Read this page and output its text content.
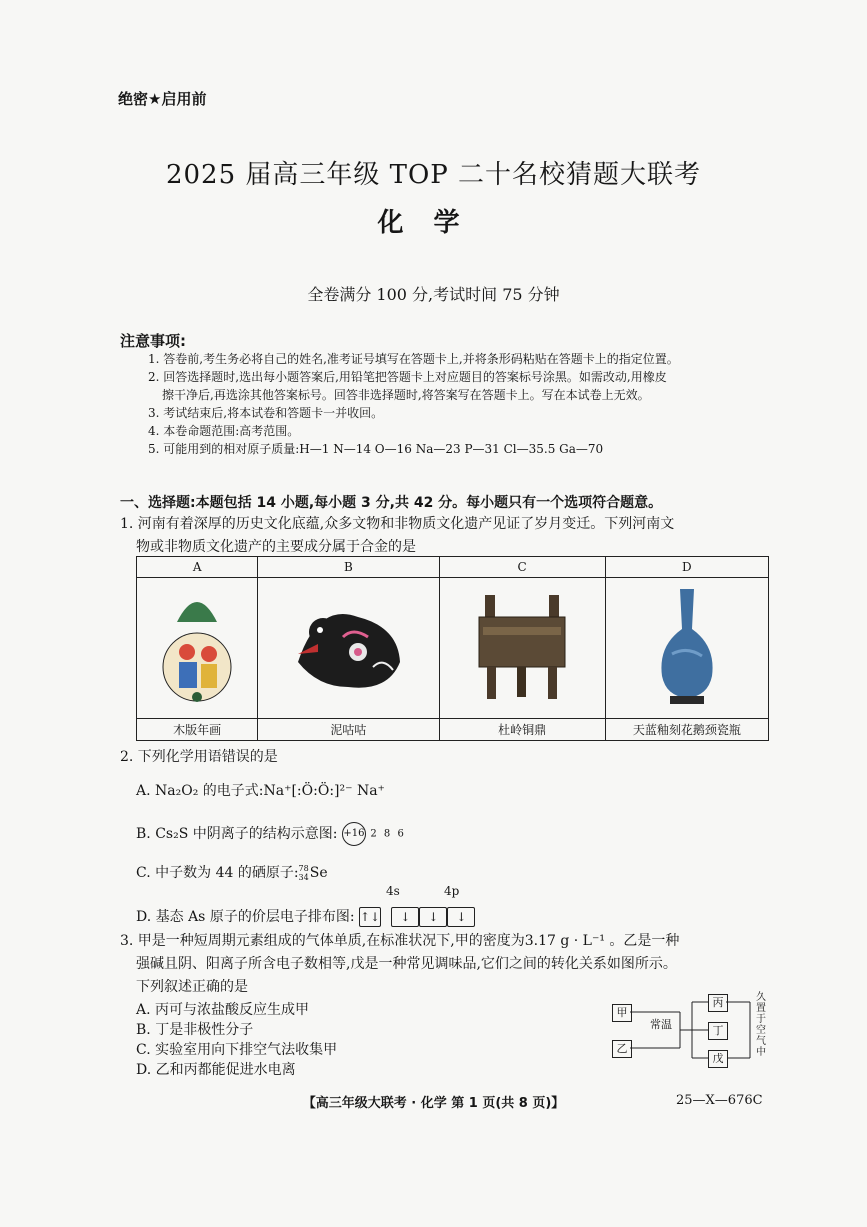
绝密★启用前
2025 届高三年级 TOP 二十名校猜题大联考
化学
全卷满分 100 分,考试时间 75 分钟
注意事项:
1. 答卷前,考生务必将自己的姓名,准考证号填写在答题卡上,并将条形码粘贴在答题卡上的指定位置。
2. 回答选择题时,选出每小题答案后,用铅笔把答题卡上对应题目的答案标号涂黑。如需改动,用橡皮
擦干净后,再选涂其他答案标号。回答非选择题时,将答案写在答题卡上。写在本试卷上无效。
3. 考试结束后,将本试卷和答题卡一并收回。
4. 本卷命题范围:高考范围。
5. 可能用到的相对原子质量:H—1 N—14 O—16 Na—23 P—31 Cl—35.5 Ga—70
一、选择题:本题包括 14 小题,每小题 3 分,共 42 分。每小题只有一个选项符合题意。
1. 河南有着深厚的历史文化底蕴,众多文物和非物质文化遗产见证了岁月变迁。下列河南文
物或非物质文化遗产的主要成分属于合金的是
A	B	C	D

木版年画	泥咕咕	杜岭铜鼎	天蓝釉刻花鹅颈瓷瓶
2. 下列化学用语错误的是
A. Na₂O₂ 的电子式:Na⁺[:Ö:Ö:]²⁻ Na⁺
B. Cs₂S 中阴离子的结构示意图: +16 2 8 6
C. 中子数为 44 的硒原子: 78
34 Se
4s	4p
D. 基态 As 原子的价层电子排布图: ↑↓ ↓ ↓ ↓
3. 甲是一种短周期元素组成的气体单质,在标准状况下,甲的密度为3.17 g · L⁻¹ 。乙是一种
强碱且阴、阳离子所含电子数相等,戊是一种常见调味品,它们之间的转化关系如图所示。
下列叙述正确的是
A. 丙可与浓盐酸反应生成甲
B. 丁是非极性分子
C. 实验室用向下排空气法收集甲
D. 乙和丙都能促进水电离
甲
乙
常温
丙
丁
戊
久置于空气中
【高三年级大联考 · 化学 第 1 页(共 8 页)】	25—X—676C
